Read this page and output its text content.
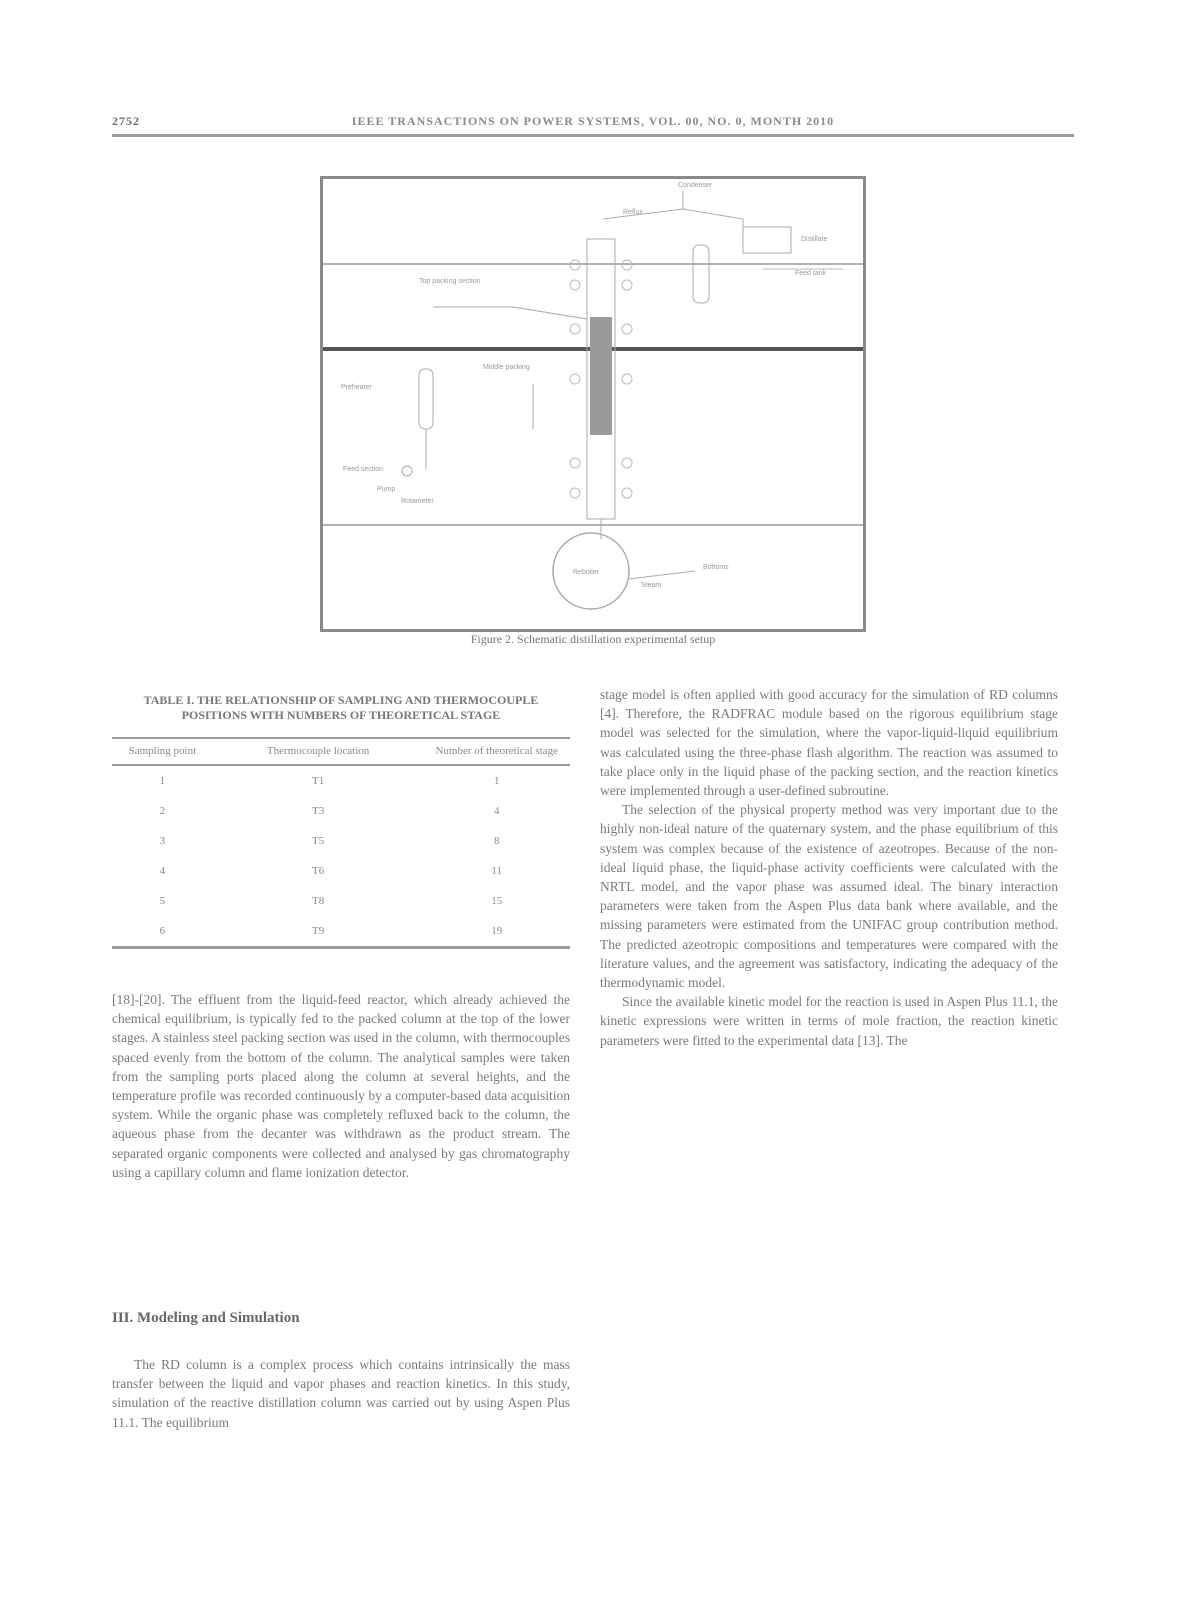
2752	IEEE TRANSACTIONS ON POWER SYSTEMS, VOL. 00, NO. 0, MONTH 2010
Condenser
Reflux
Distillate
Feed tank
Top packing section
Middle packing
Preheater
Feed section
Pump
Rotameter
Reboiler
Bottoms
Steam
Figure 2. Schematic distillation experimental setup
TABLE I. THE RELATIONSHIP OF SAMPLING AND THERMOCOUPLE
POSITIONS WITH NUMBERS OF THEORETICAL STAGE
Sampling point	Thermocouple location	Number of theoretical stage
1	T1	1
2	T3	4
3	T5	8
4	T6	11
5	T8	15
6	T9	19

[18]-[20]. The effluent from the liquid-feed reactor, which already achieved the chemical equilibrium, is typically fed to the packed column at the top of the lower stages. A stainless steel packing section was used in the column, with thermocouples spaced evenly from the bottom of the column. The analytical samples were taken from the sampling ports placed along the column at several heights, and the temperature profile was recorded continuously by a computer-based data acquisition system. While the organic phase was completely refluxed back to the column, the aqueous phase from the decanter was withdrawn as the product stream. The separated organic components were collected and analysed by gas chromatography using a capillary column and flame ionization detector.

III. Modeling and Simulation

The RD column is a complex process which contains intrinsically the mass transfer between the liquid and vapor phases and reaction kinetics. In this study, simulation of the reactive distillation column was carried out by using Aspen Plus 11.1. The equilibrium

stage model is often applied with good accuracy for the simulation of RD columns [4]. Therefore, the RADFRAC module based on the rigorous equilibrium stage model was selected for the simulation, where the vapor-liquid-liquid equilibrium was calculated using the three-phase flash algorithm. The reaction was assumed to take place only in the liquid phase of the packing section, and the reaction kinetics were implemented through a user-defined subroutine.

The selection of the physical property method was very important due to the highly non-ideal nature of the quaternary system, and the phase equilibrium of this system was complex because of the existence of azeotropes. Because of the non-ideal liquid phase, the liquid-phase activity coefficients were calculated with the NRTL model, and the vapor phase was assumed ideal. The binary interaction parameters were taken from the Aspen Plus data bank where available, and the missing parameters were estimated from the UNIFAC group contribution method. The predicted azeotropic compositions and temperatures were compared with the literature values, and the agreement was satisfactory, indicating the adequacy of the thermodynamic model.

Since the available kinetic model for the reaction is used in Aspen Plus 11.1, the kinetic expressions were written in terms of mole fraction, the reaction kinetic parameters were fitted to the experimental data [13]. The
